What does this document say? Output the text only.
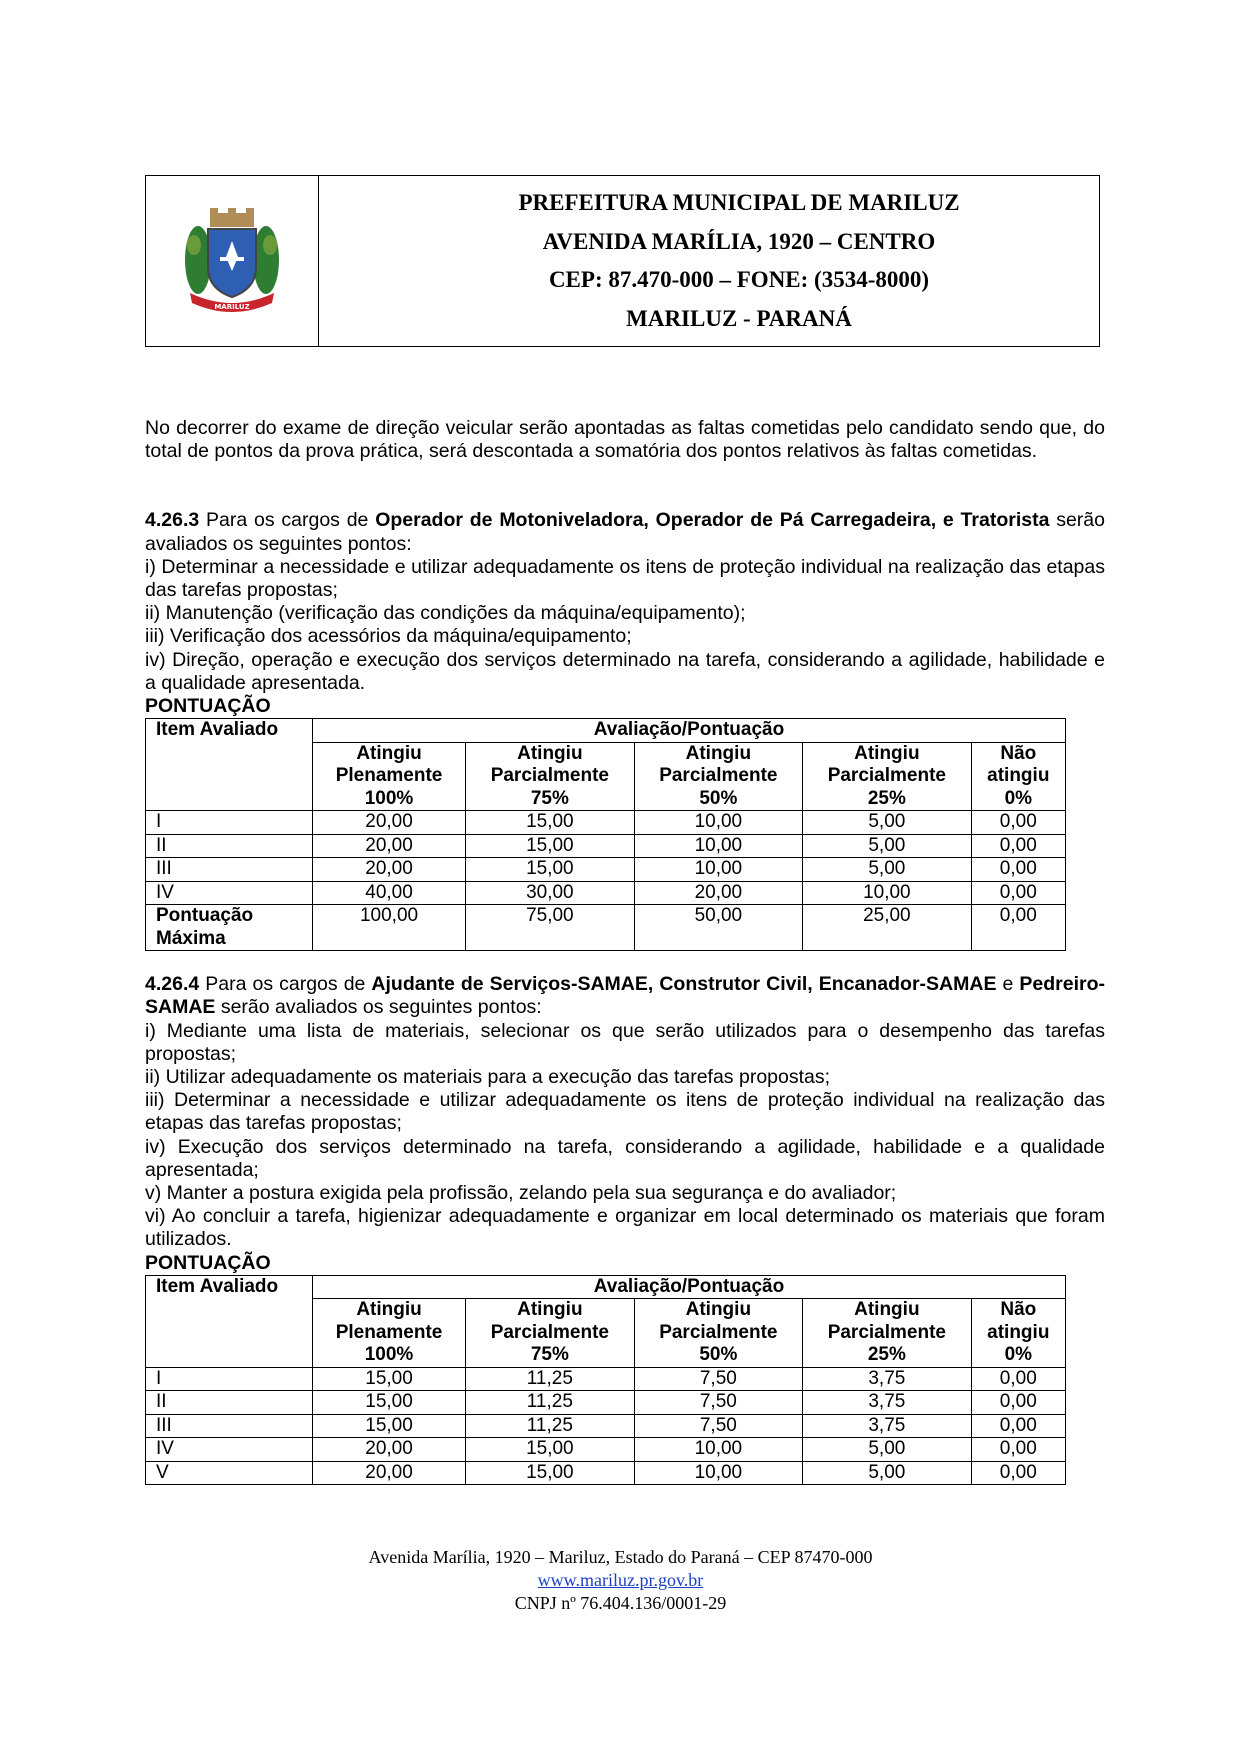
MARILUZ
PREFEITURA MUNICIPAL DE MARILUZ
AVENIDA MARÍLIA, 1920 – CENTRO
CEP: 87.470-000 – FONE: (3534-8000)
MARILUZ - PARANÁ

No decorrer do exame de direção veicular serão apontadas as faltas cometidas pelo candidato sendo que, do total de pontos da prova prática, será descontada a somatória dos pontos relativos às faltas cometidas.

4.26.3 Para os cargos de Operador de Motoniveladora, Operador de Pá Carregadeira, e Tratorista serão avaliados os seguintes pontos:

i) Determinar a necessidade e utilizar adequadamente os itens de proteção individual na realização das etapas das tarefas propostas;

ii) Manutenção (verificação das condições da máquina/equipamento);

iii) Verificação dos acessórios da máquina/equipamento;

iv) Direção, operação e execução dos serviços determinado na tarefa, considerando a agilidade, habilidade e a qualidade apresentada.

PONTUAÇÃO

Item Avaliado	Avaliação/Pontuação				
	Atingiu
Plenamente
100%	Atingiu
Parcialmente
75%	Atingiu
Parcialmente
50%	Atingiu
Parcialmente
25%	Não
atingiu
0%
I	20,00	15,00	10,00	5,00	0,00
II	20,00	15,00	10,00	5,00	0,00
III	20,00	15,00	10,00	5,00	0,00
IV	40,00	30,00	20,00	10,00	0,00
Pontuação
Máxima	100,00	75,00	50,00	25,00	0,00

4.26.4 Para os cargos de Ajudante de Serviços-SAMAE, Construtor Civil, Encanador-SAMAE e Pedreiro-SAMAE serão avaliados os seguintes pontos:

i) Mediante uma lista de materiais, selecionar os que serão utilizados para o desempenho das tarefas propostas;

ii) Utilizar adequadamente os materiais para a execução das tarefas propostas;

iii) Determinar a necessidade e utilizar adequadamente os itens de proteção individual na realização das etapas das tarefas propostas;

iv) Execução dos serviços determinado na tarefa, considerando a agilidade, habilidade e a qualidade apresentada;

v) Manter a postura exigida pela profissão, zelando pela sua segurança e do avaliador;

vi) Ao concluir a tarefa, higienizar adequadamente e organizar em local determinado os materiais que foram utilizados.

PONTUAÇÃO

Item Avaliado	Avaliação/Pontuação				
	Atingiu
Plenamente
100%	Atingiu
Parcialmente
75%	Atingiu
Parcialmente
50%	Atingiu
Parcialmente
25%	Não
atingiu
0%
I	15,00	11,25	7,50	3,75	0,00
II	15,00	11,25	7,50	3,75	0,00
III	15,00	11,25	7,50	3,75	0,00
IV	20,00	15,00	10,00	5,00	0,00
V	20,00	15,00	10,00	5,00	0,00
Avenida Marília, 1920 – Mariluz, Estado do Paraná – CEP 87470-000
www.mariluz.pr.gov.br
CNPJ nº 76.404.136/0001-29
